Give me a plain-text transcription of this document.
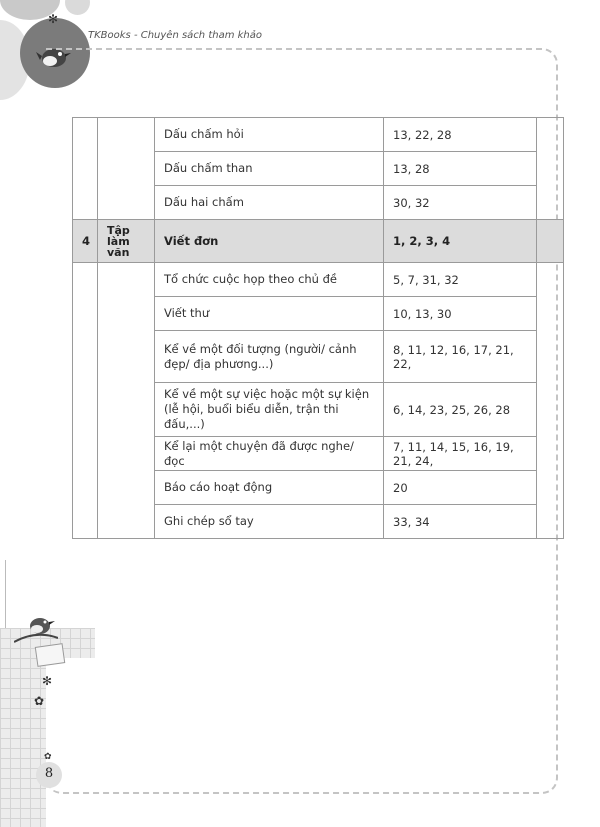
✻
TKBooks - Chuyên sách tham khảo
✻
✿
✿
8
		Dấu chấm hỏi	13, 22, 28	
		Dấu chấm than	13, 28	
		Dấu hai chấm	30, 32	
4	Tập làm văn	Viết đơn	1, 2, 3, 4	
		Tổ chức cuộc họp theo chủ đề	5, 7, 31, 32	
		Viết thư	10, 13, 30	
		Kể về một đối tượng (người/ cảnh đẹp/ địa phương...)	8, 11, 12, 16, 17, 21, 22,	
		Kể về một sự việc hoặc một sự kiện (lễ hội, buổi biểu diễn, trận thi đấu,...)	6, 14, 23, 25, 26, 28	
		Kể lại một chuyện đã được nghe/đọc	7, 11, 14, 15, 16, 19, 21, 24,	
		Báo cáo hoạt động	20	
		Ghi chép sổ tay	33, 34	
